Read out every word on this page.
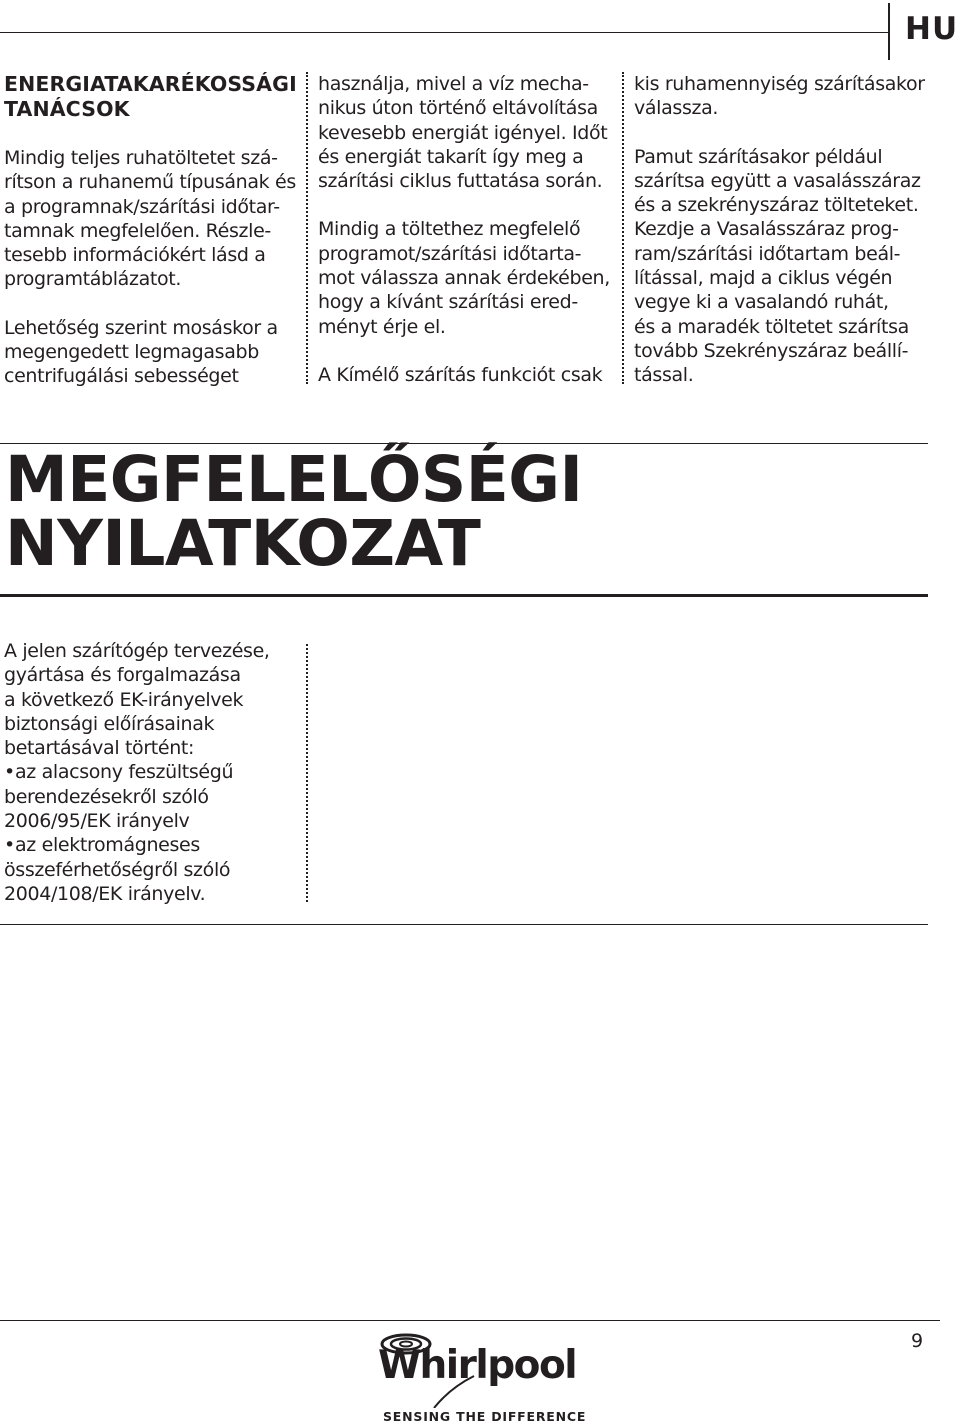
HU

ENERGIATAKARÉKOSSÁGI
TANÁCSOK

Mindig teljes ruhatöltetet szá-
rítson a ruhanemű típusának és
a programnak/szárítási időtar-
tamnak megfelelően. Részle-
tesebb információkért lásd a
programtáblázatot.

Lehetőség szerint mosáskor a
megengedett legmagasabb
centrifugálási sebességet

használja, mivel a víz mecha-
nikus úton történő eltávolítása
kevesebb energiát igényel. Időt
és energiát takarít így meg a
szárítási ciklus futtatása során.

Mindig a töltethez megfelelő
programot/szárítási időtarta-
mot válassza annak érdekében,
hogy a kívánt szárítási ered-
ményt érje el.

A Kímélő szárítás funkciót csak

kis ruhamennyiség szárításakor
válassza.

Pamut szárításakor például
szárítsa együtt a vasalásszáraz
és a szekrényszáraz tölteteket.
Kezdje a Vasalásszáraz prog-
ram/szárítási időtartam beál-
lítással, majd a ciklus végén
vegye ki a vasalandó ruhát,
és a maradék töltetet szárítsa
tovább Szekrényszáraz beállí-
tással.

MEGFELELŐSÉGI
NYILATKOZAT
A jelen szárítógép tervezése,
gyártása és forgalmazása
a következő EK-irányelvek
biztonsági előírásainak
betartásával történt:
•az alacsony feszültségű
berendezésekről szóló
2006/95/EK irányelv
•az elektromágneses
összeférhetőségről szóló
2004/108/EK irányelv.
9
Whirlpool
SENSING THE DIFFERENCE
